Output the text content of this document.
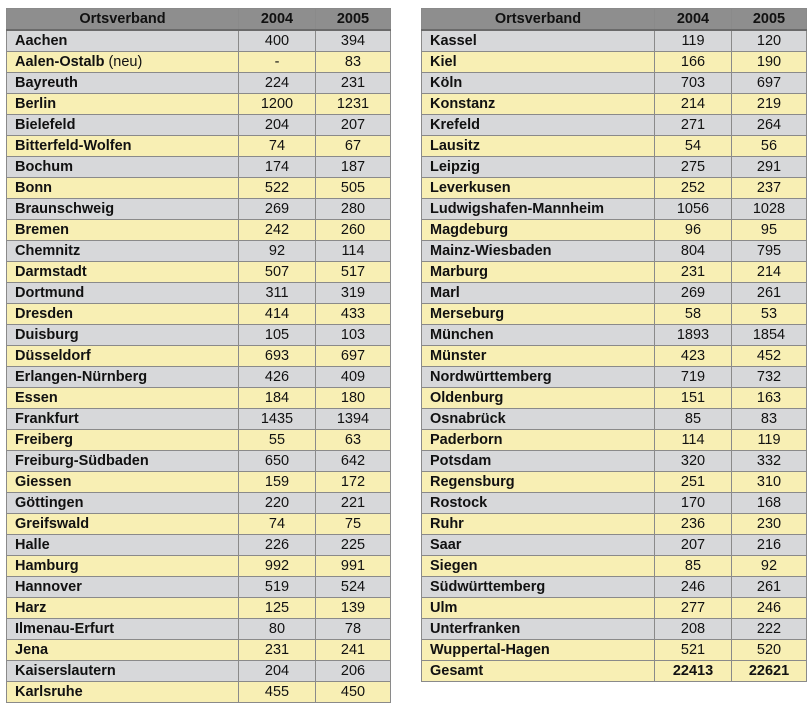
Ortsverband	2004	2005
Aachen	400	394
Aalen-Ostalb (neu)	-	83
Bayreuth	224	231
Berlin	1200	1231
Bielefeld	204	207
Bitterfeld-Wolfen	74	67
Bochum	174	187
Bonn	522	505
Braunschweig	269	280
Bremen	242	260
Chemnitz	92	114
Darmstadt	507	517
Dortmund	311	319
Dresden	414	433
Duisburg	105	103
Düsseldorf	693	697
Erlangen-Nürnberg	426	409
Essen	184	180
Frankfurt	1435	1394
Freiberg	55	63
Freiburg-Südbaden	650	642
Giessen	159	172
Göttingen	220	221
Greifswald	74	75
Halle	226	225
Hamburg	992	991
Hannover	519	524
Harz	125	139
Ilmenau-Erfurt	80	78
Jena	231	241
Kaiserslautern	204	206
Karlsruhe	455	450
Ortsverband	2004	2005
Kassel	119	120
Kiel	166	190
Köln	703	697
Konstanz	214	219
Krefeld	271	264
Lausitz	54	56
Leipzig	275	291
Leverkusen	252	237
Ludwigshafen-Mannheim	1056	1028
Magdeburg	96	95
Mainz-Wiesbaden	804	795
Marburg	231	214
Marl	269	261
Merseburg	58	53
München	1893	1854
Münster	423	452
Nordwürttemberg	719	732
Oldenburg	151	163
Osnabrück	85	83
Paderborn	114	119
Potsdam	320	332
Regensburg	251	310
Rostock	170	168
Ruhr	236	230
Saar	207	216
Siegen	85	92
Südwürttemberg	246	261
Ulm	277	246
Unterfranken	208	222
Wuppertal-Hagen	521	520
Gesamt	22413	22621
